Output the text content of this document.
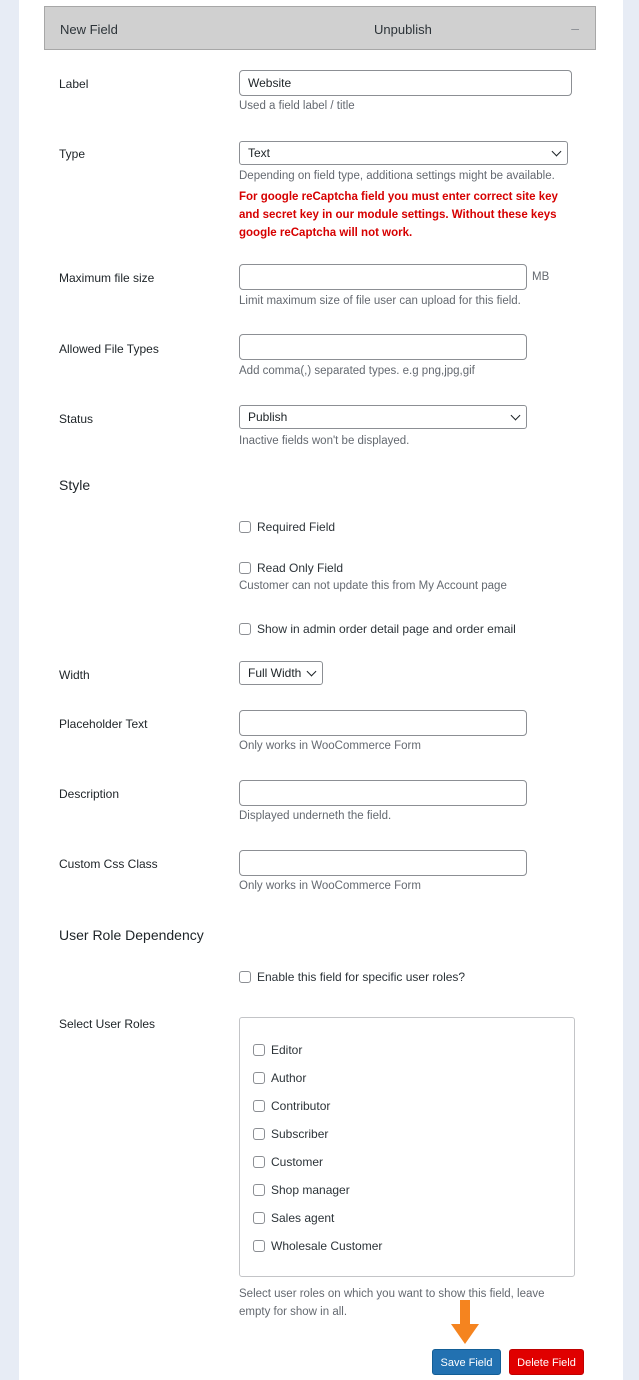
New Field	Unpublish	–
Label	Website
Used a field label / title
Type	Text
Depending on field type, additiona settings might be available.
For google reCaptcha field you must enter correct site key and secret key in our module settings. Without these keys google reCaptcha will not work.
Maximum file size	MB
Limit maximum size of file user can upload for this field.
Allowed File Types
Add comma(,) separated types. e.g png,jpg,gif
Status	Publish
Inactive fields won't be displayed.
Style
Required Field
Read Only Field
Customer can not update this from My Account page
Show in admin order detail page and order email
Width	Full Width
Placeholder Text
Only works in WooCommerce Form
Description
Displayed underneth the field.
Custom Css Class
Only works in WooCommerce Form
User Role Dependency
Enable this field for specific user roles?
Select User Roles
Editor
Author
Contributor
Subscriber
Customer
Shop manager
Sales agent
Wholesale Customer
Select user roles on which you want to show this field, leave
empty for show in all.
Save Field	Delete Field
